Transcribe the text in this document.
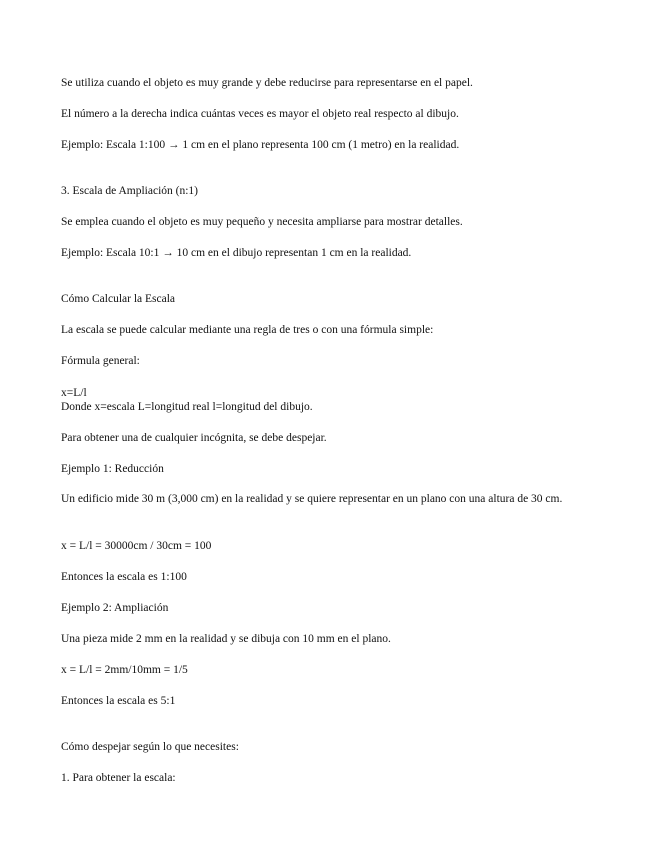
Se utiliza cuando el objeto es muy grande y debe reducirse para representarse en el papel.
El número a la derecha indica cuántas veces es mayor el objeto real respecto al dibujo.
Ejemplo: Escala 1:100 → 1 cm en el plano representa 100 cm (1 metro) en la realidad.
3. Escala de Ampliación (n:1)
Se emplea cuando el objeto es muy pequeño y necesita ampliarse para mostrar detalles.
Ejemplo: Escala 10:1 → 10 cm en el dibujo representan 1 cm en la realidad.
Cómo Calcular la Escala
La escala se puede calcular mediante una regla de tres o con una fórmula simple:
Fórmula general:
x=L/l
Donde x=escala L=longitud real l=longitud del dibujo.
Para obtener una de cualquier incógnita, se debe despejar.
Ejemplo 1: Reducción
Un edificio mide 30 m (3,000 cm) en la realidad y se quiere representar en un plano con una altura de 30 cm.
x = L/l = 30000cm / 30cm = 100
Entonces la escala es 1:100
Ejemplo 2: Ampliación
Una pieza mide 2 mm en la realidad y se dibuja con 10 mm en el plano.
x = L/l = 2mm/10mm = 1/5
Entonces la escala es 5:1
Cómo despejar según lo que necesites:
1. Para obtener la escala:
